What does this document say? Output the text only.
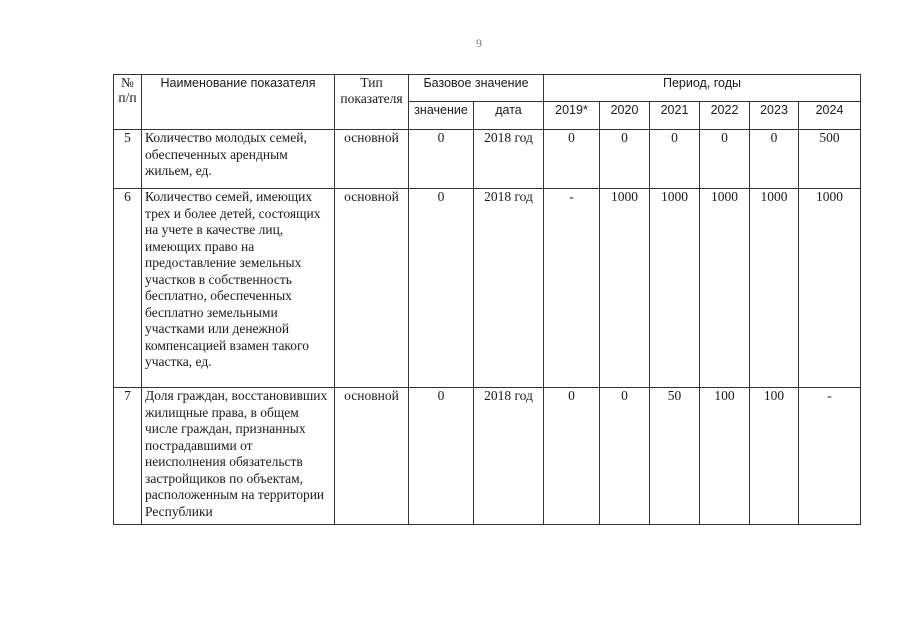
9
№ п/п	Наименование показателя	Тип показателя	Базовое значение		Период, годы					
			значение	дата	2019*	2020	2021	2022	2023	2024
5	Количество молодых семей, обеспеченных арендным жильем, ед.	основной	0	2018 год	0	0	0	0	0	500
6	Количество семей, имеющих трех и более детей, состоящих на учете в качестве лиц, имеющих право на предоставление земельных участков в собственность бесплатно, обеспеченных бесплатно земельными участками или денежной компенсацией взамен такого участка, ед.	основной	0	2018 год	-	1000	1000	1000	1000	1000
7	Доля граждан, восстановивших жилищные права, в общем числе граждан, признанных пострадавшими от неисполнения обязательств застройщиков по объектам, расположенным на территории Республики	основной	0	2018 год	0	0	50	100	100	-
